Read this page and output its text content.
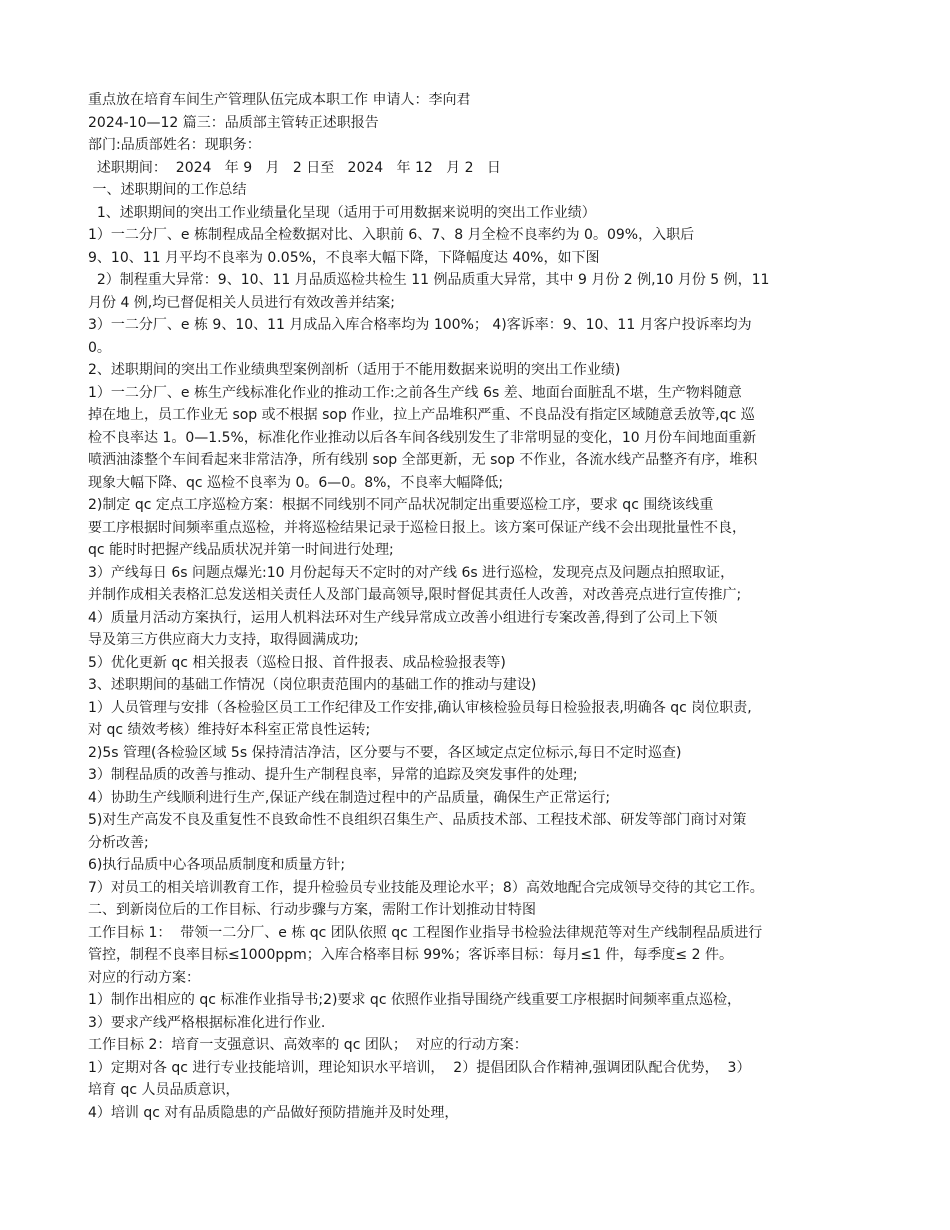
重点放在培育车间生产管理队伍完成本职工作 申请人：李向君
2024-10—12 篇三：品质部主管转正述职报告
部门:品质部姓名：现职务：
述职期间：  2024   年 9   月   2 日至   2024   年 12   月 2   日
一、述职期间的工作总结
1、述职期间的突出工作业绩量化呈现（适用于可用数据来说明的突出工作业绩）
1）一二分厂、e 栋制程成品全检数据对比、入职前 6、7、8 月全检不良率约为 0。09%，入职后
9、10、11 月平均不良率为 0.05%，不良率大幅下降，下降幅度达 40%，如下图
2）制程重大异常：9、10、11 月品质巡检共检生 11 例品质重大异常，其中 9 月份 2 例,10 月份 5 例，11
月份 4 例,均已督促相关人员进行有效改善并结案;
3）一二分厂、e 栋 9、10、11 月成品入库合格率均为 100%； 4)客诉率：9、10、11 月客户投诉率均为
0。
2、述职期间的突出工作业绩典型案例剖析（适用于不能用数据来说明的突出工作业绩)
1）一二分厂、e 栋生产线标准化作业的推动工作:之前各生产线 6s 差、地面台面脏乱不堪，生产物料随意
掉在地上，员工作业无 sop 或不根据 sop 作业，拉上产品堆积严重、不良品没有指定区域随意丢放等,qc 巡
检不良率达 1。0—1.5%，标准化作业推动以后各车间各线别发生了非常明显的变化，10 月份车间地面重新
喷洒油漆整个车间看起来非常洁净，所有线别 sop 全部更新，无 sop 不作业，各流水线产品整齐有序，堆积
现象大幅下降、qc 巡检不良率为 0。6—0。8%，不良率大幅降低;
2)制定 qc 定点工序巡检方案：根据不同线别不同产品状况制定出重要巡检工序，要求 qc 围绕该线重
要工序根据时间频率重点巡检，并将巡检结果记录于巡检日报上。该方案可保证产线不会出现批量性不良，
qc 能时时把握产线品质状况并第一时间进行处理;
3）产线每日 6s 问题点爆光:10 月份起每天不定时的对产线 6s 进行巡检，发现亮点及问题点拍照取证，
并制作成相关表格汇总发送相关责任人及部门最高领导,限时督促其责任人改善，对改善亮点进行宣传推广;
4）质量月活动方案执行，运用人机料法环对生产线异常成立改善小组进行专案改善,得到了公司上下领
导及第三方供应商大力支持，取得圆满成功;
5）优化更新 qc 相关报表（巡检日报、首件报表、成品检验报表等)
3、述职期间的基础工作情况（岗位职责范围内的基础工作的推动与建设)
1）人员管理与安排（各检验区员工工作纪律及工作安排,确认审核检验员每日检验报表,明确各 qc 岗位职责,
对 qc 绩效考核）维持好本科室正常良性运转;
2)5s 管理(各检验区域 5s 保持清洁净洁，区分要与不要，各区域定点定位标示,每日不定时巡查)
3）制程品质的改善与推动、提升生产制程良率，异常的追踪及突发事件的处理;
4）协助生产线顺利进行生产,保证产线在制造过程中的产品质量，确保生产正常运行;
5)对生产高发不良及重复性不良致命性不良组织召集生产、品质技术部、工程技术部、研发等部门商讨对策
分析改善;
6)执行品质中心各项品质制度和质量方针;
7）对员工的相关培训教育工作，提升检验员专业技能及理论水平；8）高效地配合完成领导交待的其它工作。
二、到新岗位后的工作目标、行动步骤与方案，需附工作计划推动甘特图
工作目标 1：  带领一二分厂、e 栋 qc 团队依照 qc 工程图作业指导书检验法律规范等对生产线制程品质进行
管控，制程不良率目标≤1000ppm；入库合格率目标 99%；客诉率目标：每月≤1 件，每季度≤ 2 件。
对应的行动方案：
1）制作出相应的 qc 标准作业指导书;2)要求 qc 依照作业指导围绕产线重要工序根据时间频率重点巡检，
3）要求产线严格根据标准化进行作业.
工作目标 2：培育一支强意识、高效率的 qc 团队；  对应的行动方案：
1）定期对各 qc 进行专业技能培训，理论知识水平培训，  2）提倡团队合作精神,强调团队配合优势，  3）
培育 qc 人员品质意识，
4）培训 qc 对有品质隐患的产品做好预防措施并及时处理，
